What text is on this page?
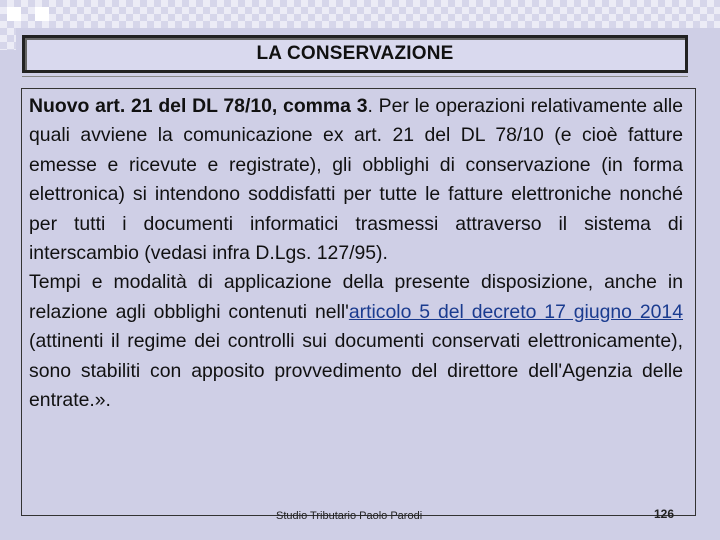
LA CONSERVAZIONE

Nuovo art. 21 del DL 78/10, comma 3. Per le operazioni relativamente alle quali avviene la comunicazione ex art. 21 del DL 78/10 (e cioè fatture emesse e ricevute e registrate), gli obblighi di conservazione (in forma elettronica) si intendono soddisfatti per tutte le fatture elettroniche nonché per tutti i documenti informatici trasmessi attraverso il sistema di interscambio (vedasi infra D.Lgs. 127/95).

Tempi e modalità di applicazione della presente disposizione, anche in relazione agli obblighi contenuti nell'articolo 5 del decreto 17 giugno 2014 (attinenti il regime dei controlli sui documenti conservati elettronicamente), sono stabiliti con apposito provvedimento del direttore dell'Agenzia delle entrate.».

Studio Tributario Paolo Parodi	126
